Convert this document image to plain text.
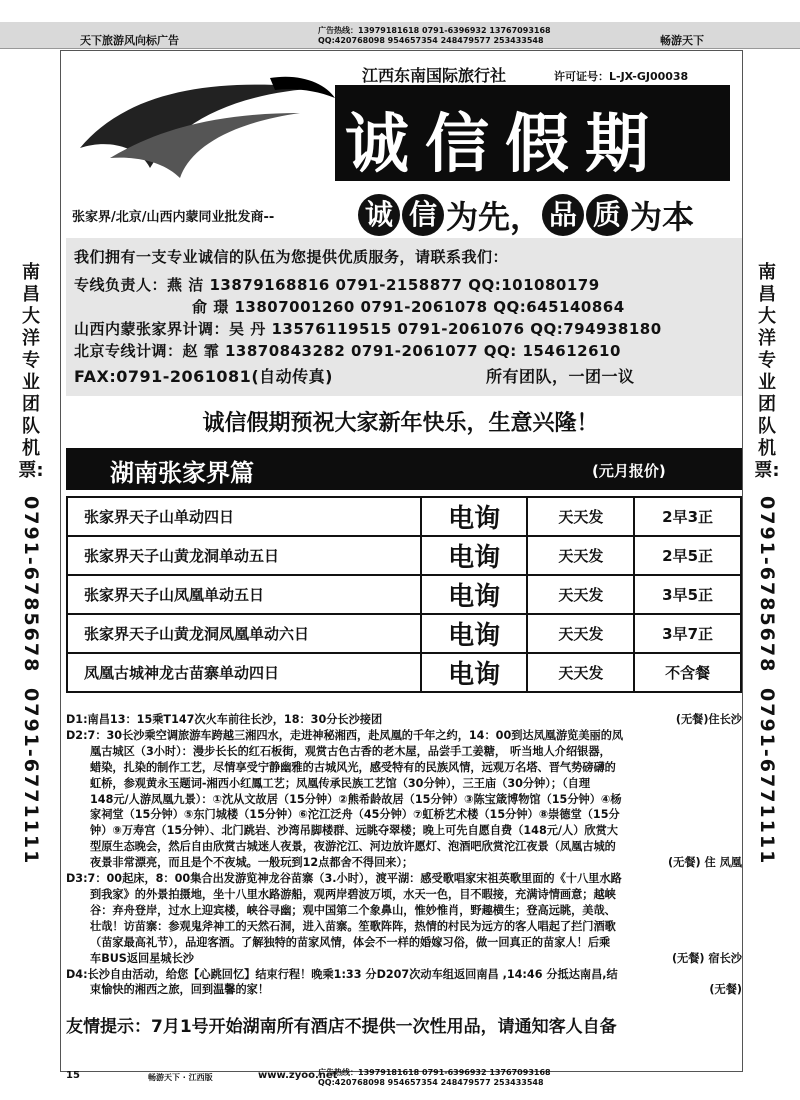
天下旅游风向标广告	畅游天下
广告热线：13979181618 0791-6396932 13767093168
QQ:420768098 954657354 248479577 253433548
江西东南国际旅行社	许可证号：L-JX-GJ00038
诚信假期
张家界/北京/山西内蒙同业批发商--	诚 信 为先， 品 质 为本
我们拥有一支专业诚信的队伍为您提供优质服务，请联系我们：
专线负责人：燕 洁 13879168816 0791-2158877 QQ:101080179
俞 璟 13807001260 0791-2061078 QQ:645140864
山西内蒙张家界计调：吴 丹 13576119515 0791-2061076 QQ:794938180
北京专线计调：赵 霏 13870843282 0791-2061077 QQ: 154612610
FAX:0791-2061081(自动传真)	所有团队，一团一议
南昌大洋专业团队机票:
0791-6785678
0791-6771111
南昌大洋专业团队机票:
0791-6785678
0791-6771111
诚信假期预祝大家新年快乐，生意兴隆！
湖南张家界篇	(元月报价)
张家界天子山单动四日	电询	天天发	2早3正
张家界天子山黄龙洞单动五日	电询	天天发	2早5正
张家界天子山凤凰单动五日	电询	天天发	3早5正
张家界天子山黄龙洞凤凰单动六日	电询	天天发	3早7正
凤凰古城神龙古苗寨单动四日	电询	天天发	不含餐

(无餐)住长沙
D1:南昌13：15乘T147次火车前往长沙，18：30分长沙接团

D2:7：30长沙乘空调旅游车跨越三湘四水，走进神秘湘西，赴凤凰的千年之约，14：00到达凤凰游览美丽的凤

凰古城区（3小时）：漫步长长的红石板街，观赏古色古香的老木屋，品尝手工姜糖， 听当地人介绍银器，

蜡染，扎染的制作工艺，尽情享受宁静幽雅的古城风光，感受特有的民族风情，远观万名塔、晋气势磅礴的

虹桥，参观黄永玉题词-湘西小红鳳工艺；凤凰传承民族工艺馆（30分钟），三王庙（30分钟）；（自理

148元/人游凤凰九景）：①沈从文故居（15分钟）②熊希龄故居（15分钟）③陈宝箴博物馆（15分钟）④杨

家祠堂（15分钟）⑤东门城楼（15分钟）⑥沱江泛舟（45分钟）⑦虹桥艺术楼（15分钟）⑧崇德堂（15分

钟）⑨万寿宫（15分钟）、北门跳岩、沙湾吊脚楼群、远眺夺翠楼；晚上可先自愿自费（148元/人）欣赏大

型原生态晚会，然后自由欣赏古城迷人夜景，夜游沱江、河边放许愿灯、泡酒吧欣赏沱江夜景（凤凰古城的

(无餐) 住 凤凰
夜景非常漂亮，而且是个不夜城。一般玩到12点都舍不得回来）；

D3:7：00起床，8：00集合出发游览神龙谷苗寨（3.小时），渡平湖：感受歌唱家宋祖英歌里面的《十八里水路

到我家》的外景拍摄地，坐十八里水路游船，观两岸碧波万顷，水天一色，目不暇接，充满诗情画意；越峡

谷：弃舟登岸，过水上迎宾楼，峡谷寻幽；观中国第二个象鼻山，惟妙惟肖，野趣横生；登高远眺，美哉、

壮哉！访苗寨：参观鬼斧神工的天然石洞，进入苗寨。笙歌阵阵，热情的村民为远方的客人唱起了拦门酒歌

（苗家最高礼节），品迎客酒。了解独特的苗家风情，体会不一样的婚嫁习俗，做一回真正的苗家人！后乘

(无餐) 宿长沙
车BUS返回星城长沙

D4:长沙自由活动，给您【心跳回忆】结束行程！晚乘1:33 分D207次动车组返回南昌 ,14:46 分抵达南昌,结

(无餐)
束愉快的湘西之旅，回到温馨的家！

友情提示：7月1号开始湖南所有酒店不提供一次性用品，请通知客人自备
15	畅游天下 · 江西版	www.zyoo.net
广告热线：13979181618 0791-6396932 13767093168
QQ:420768098 954657354 248479577 253433548
